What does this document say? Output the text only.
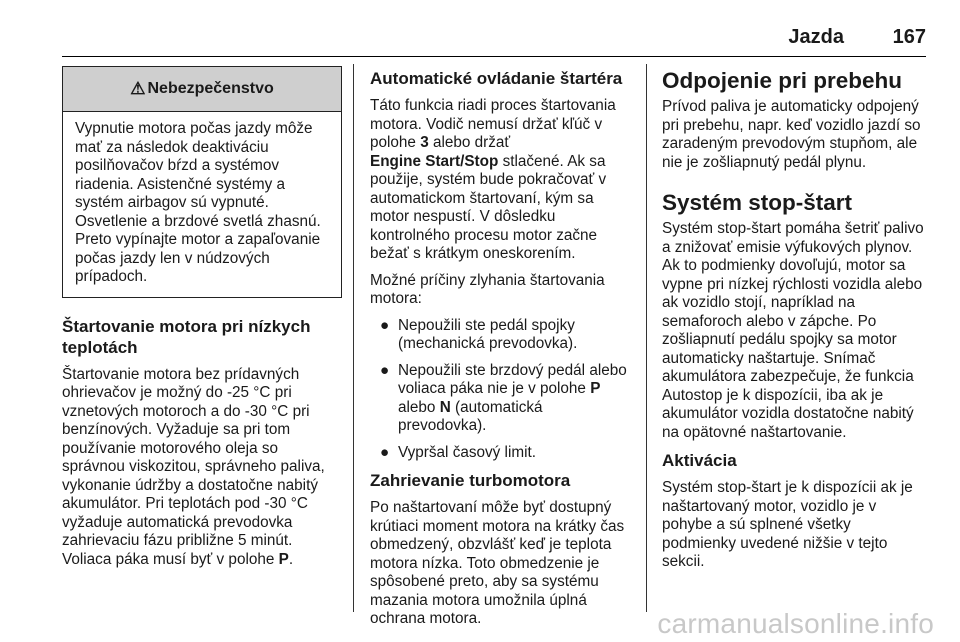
Jazda 167
⚠ Nebezpečenstvo
Vypnutie motora počas jazdy môže mať za následok deaktiváciu posilňovačov bŕzd a systémov riadenia. Asistenčné systémy a systém airbagov sú vypnuté. Osvetlenie a brzdové svetlá zhasnú. Preto vypínajte motor a zapaľovanie počas jazdy len v núdzových prípadoch.
Štartovanie motora pri nízkych teplotách

Štartovanie motora bez prídavných ohrievačov je možný do -25 °C pri vznetových motoroch a do -30 °C pri benzínových. Vyžaduje sa pri tom používanie motorového oleja so správnou viskozitou, správneho paliva, vykonanie údržby a dostatočne nabitý akumulátor. Pri teplotách pod -30 °C vyžaduje automatická prevodovka zahrievaciu fázu približne 5 minút. Voliaca páka musí byť v polohe P.

Automatické ovládanie štartéra

Táto funkcia riadi proces štartovania motora. Vodič nemusí držať kľúč v polohe 3 alebo držať
Engine Start/Stop stlačené. Ak sa použije, systém bude pokračovať v automatickom štartovaní, kým sa motor nespustí. V dôsledku kontrolného procesu motor začne bežať s krátkym oneskorením.

Možné príčiny zlyhania štartovania motora:

● Nepoužili ste pedál spojky (mechanická prevodovka).
● Nepoužili ste brzdový pedál alebo voliaca páka nie je v polohe P alebo N (automatická prevodovka).
● Vypršal časový limit.
Zahrievanie turbomotora

Po naštartovaní môže byť dostupný krútiaci moment motora na krátky čas obmedzený, obzvlášť keď je teplota motora nízka. Toto obmedzenie je spôsobené preto, aby sa systému mazania motora umožnila úplná ochrana motora.

Odpojenie pri prebehu

Prívod paliva je automaticky odpojený pri prebehu, napr. keď vozidlo jazdí so zaradeným prevodovým stupňom, ale nie je zošliapnutý pedál plynu.

Systém stop-štart

Systém stop-štart pomáha šetriť palivo a znižovať emisie výfukových plynov. Ak to podmienky dovoľujú, motor sa vypne pri nízkej rýchlosti vozidla alebo ak vozidlo stojí, napríklad na semaforoch alebo v zápche. Po zošliapnutí pedálu spojky sa motor automaticky naštartuje. Snímač akumulátora zabezpečuje, že funkcia Autostop je k dispozícii, iba ak je akumulátor vozidla dostatočne nabitý na opätovné naštartovanie.

Aktivácia

Systém stop-štart je k dispozícii ak je naštartovaný motor, vozidlo je v pohybe a sú splnené všetky podmienky uvedené nižšie v tejto sekcii.

carmanualsonline.info
